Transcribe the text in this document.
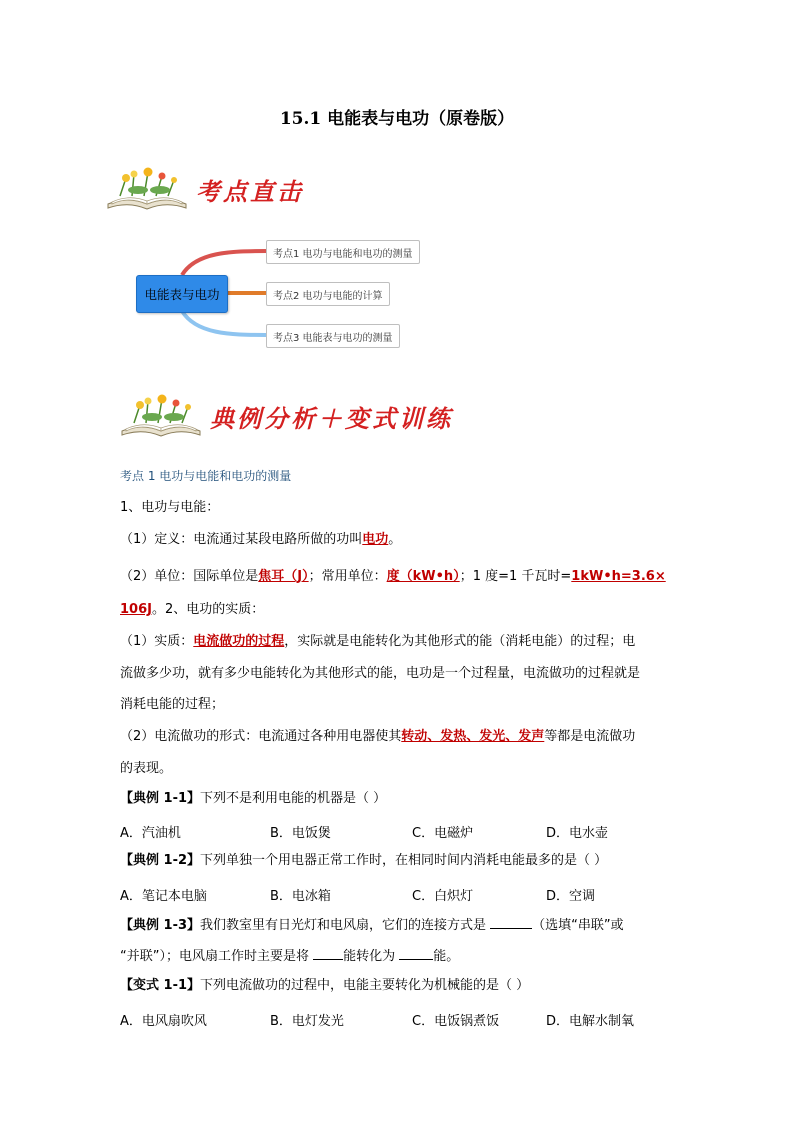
15.1 电能表与电功（原卷版）
考点直击
电能表与电功
考点1 电功与电能和电功的测量
考点2 电功与电能的计算
考点3 电能表与电功的测量
典例分析＋变式训练
考点 1 电功与电能和电功的测量
1、电功与电能：
（1）定义：电流通过某段电路所做的功叫电功。
（2）单位：国际单位是焦耳（J）；常用单位：度（kW•h）；1 度=1 千瓦时=1kW•h=3.6×
106J。2、电功的实质：
（1）实质：电流做功的过程，实际就是电能转化为其他形式的能（消耗电能）的过程；电
流做多少功，就有多少电能转化为其他形式的能，电功是一个过程量，电流做功的过程就是
消耗电能的过程；
（2）电流做功的形式：电流通过各种用电器使其转动、发热、发光、发声等都是电流做功
的表现。
【典例 1-1】下列不是利用电能的机器是（ ）
A．汽油机	B．电饭煲	C．电磁炉	D．电水壶
【典例 1-2】下列单独一个用电器正常工作时，在相同时间内消耗电能最多的是（ ）
A．笔记本电脑	B．电冰箱	C．白炽灯	D．空调
【典例 1-3】我们教室里有日光灯和电风扇，它们的连接方式是	（选填“串联”或
“并联”）；电风扇工作时主要是将 能转化为	能。
【变式 1-1】下列电流做功的过程中，电能主要转化为机械能的是（ ）
A．电风扇吹风	B．电灯发光	C．电饭锅煮饭	D．电解水制氧
